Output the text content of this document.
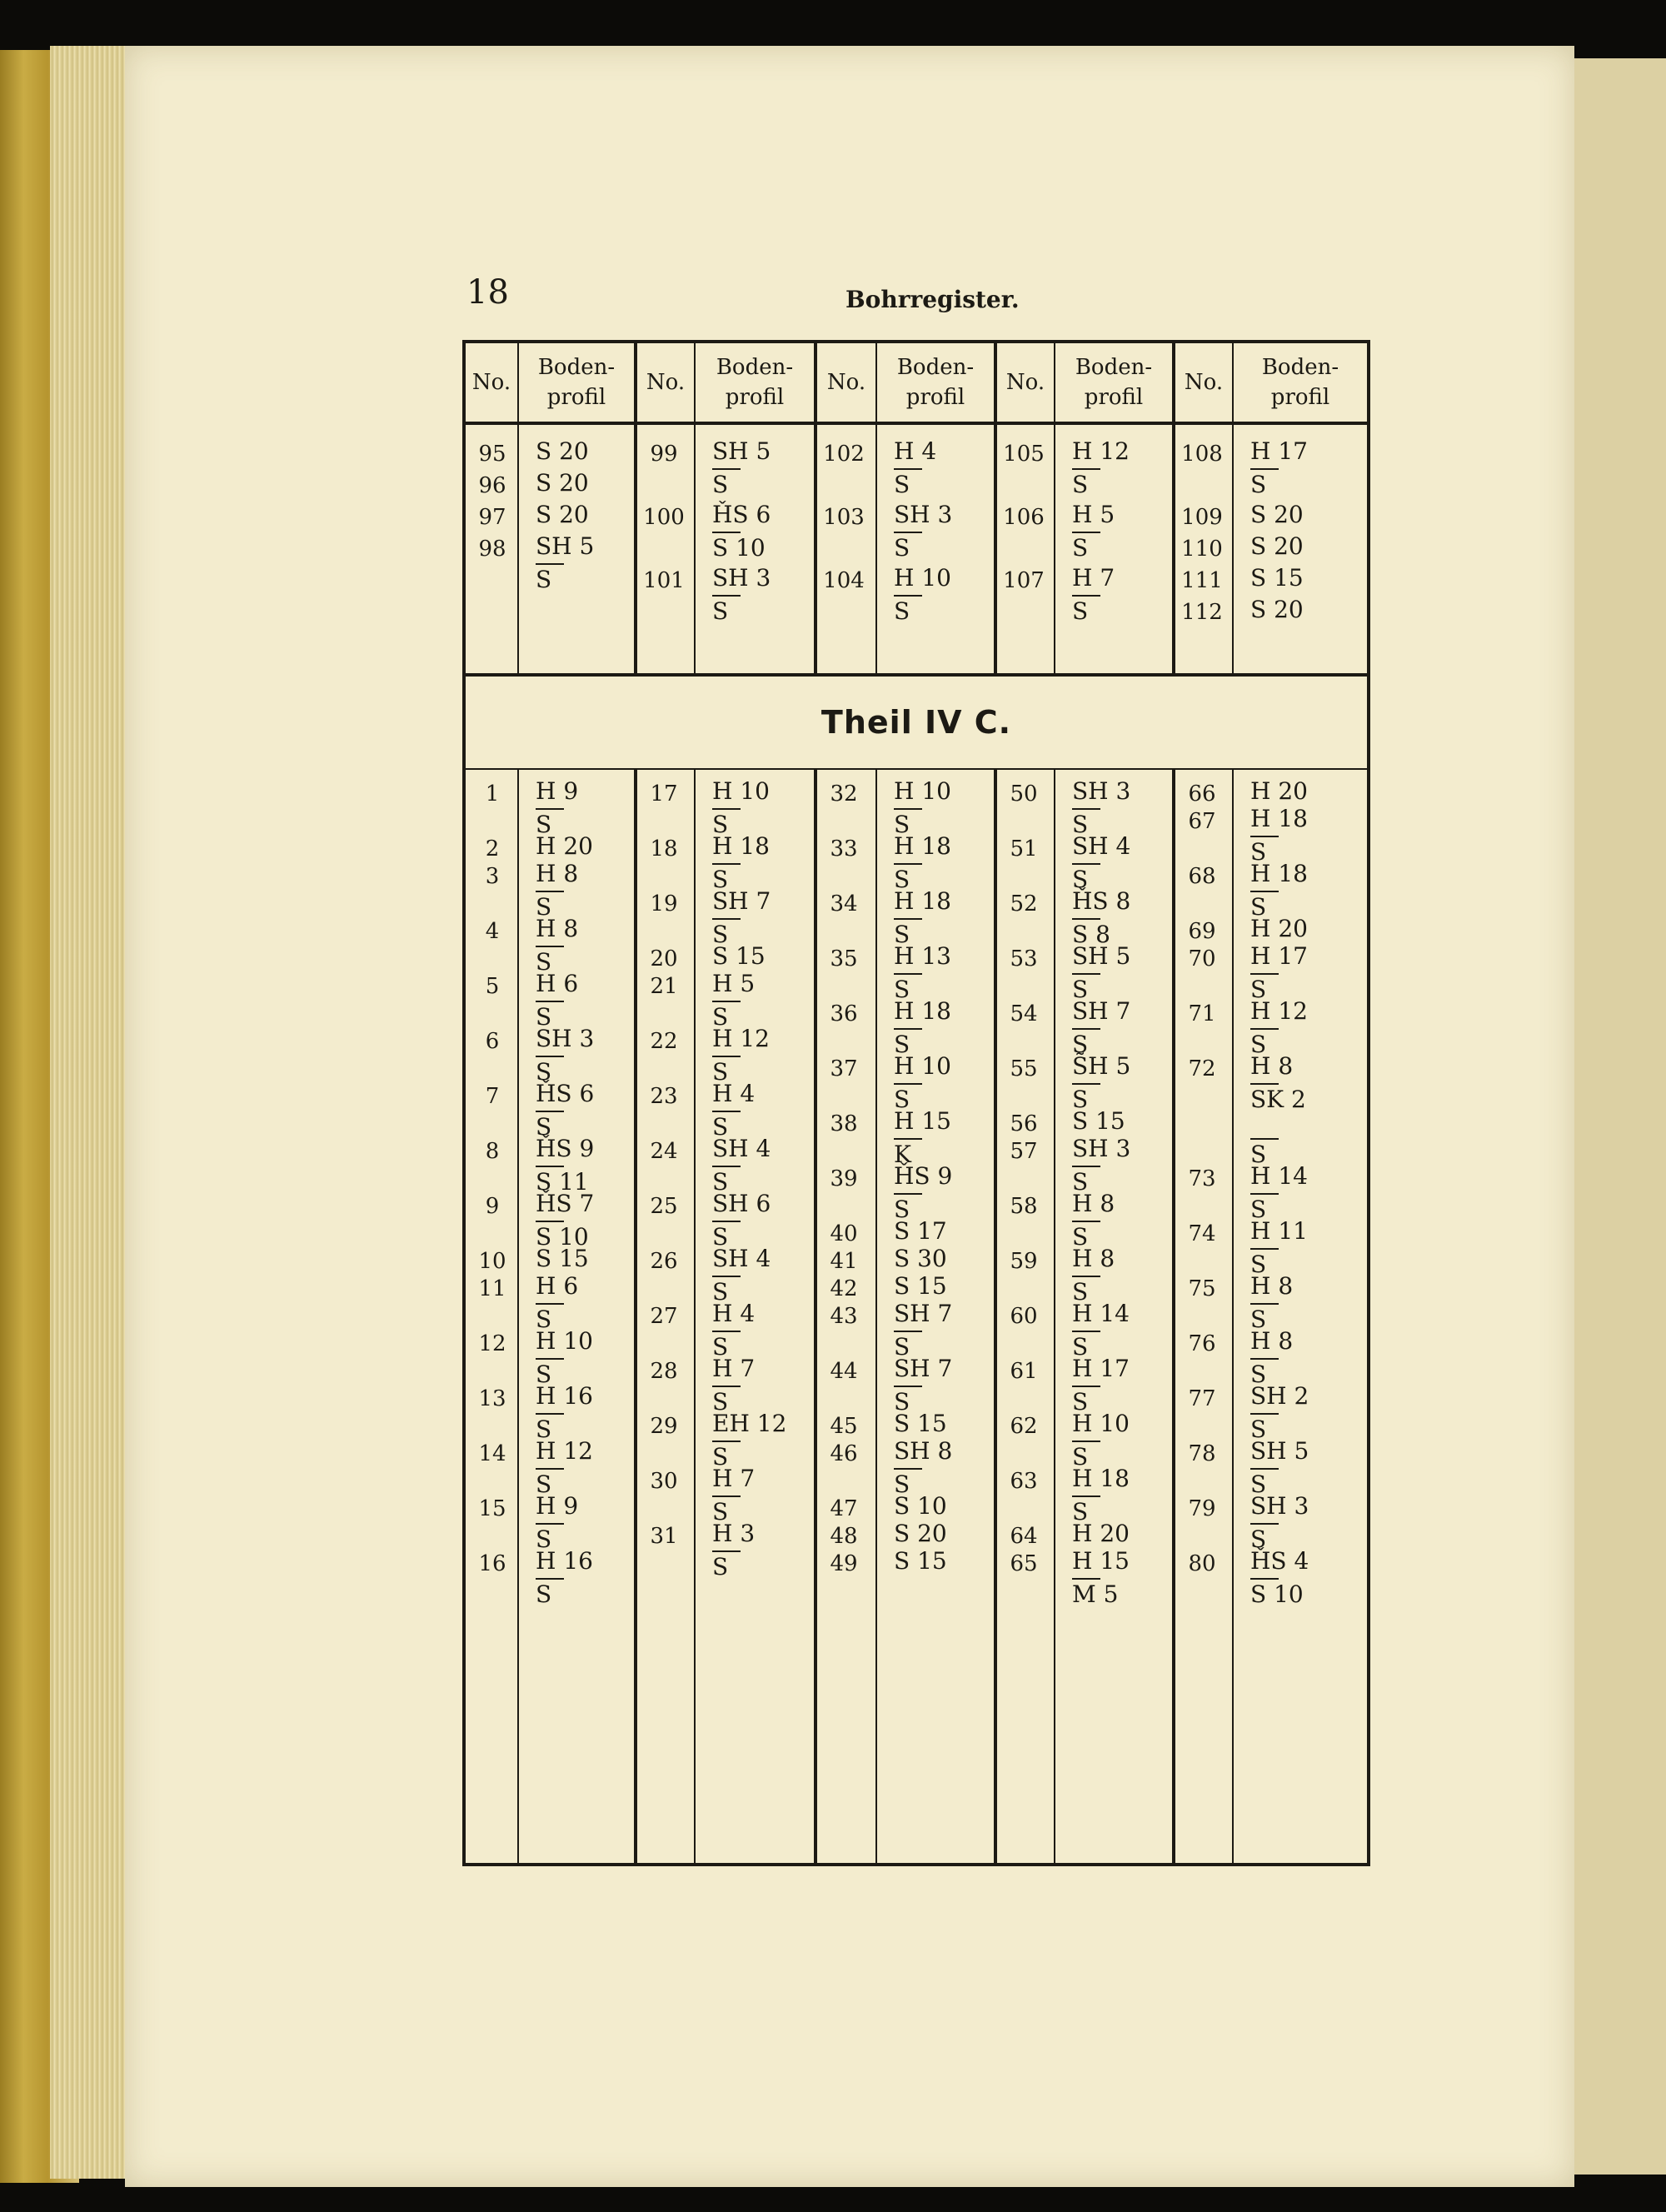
18	Bohrregister.
No.
Boden-
profil
No.
Boden-
profil
No.
Boden-
profil
No.
Boden-
profil
No.
Boden-
profil
95
96
97
98
S 20
S 20
S 20
SH 5
S
99
100
101
SH 5
S
ȞS 6
S 10
SH 3
S
102
103
104
H 4
S
SH 3
S
H 10
S
105
106
107
H 12
S
H 5
S
H 7
S
108
109
110
111
112
H 17
S
S 20
S 20
S 15
S 20
Theil IV C.
1
2
3
4
5
6
7
8
9
10
11
12
13
14
15
16
H 9
S
H 20
H 8
S
H 8
S
H 6
S
SH 3
S
ȞS 6
S
ȞS 9
S 11
ȞS 7
S 10
S 15
H 6
S
H 10
S
H 16
S
H 12
S
H 9
S
H 16
S
17
18
19
20
21
22
23
24
25
26
27
28
29
30
31
H 10
S
H 18
S
SH 7
S
S 15
H 5
S
H 12
S
H 4
S
SH 4
S
SH 6
S
SH 4
S
H 4
S
H 7
S
EH 12
S
H 7
S
H 3
S
32
33
34
35
36
37
38
39
40
41
42
43
44
45
46
47
48
49
H 10
S
H 18
S
H 18
S
H 13
S
H 18
S
H 10
S
H 15
K
ȞS 9
S
S 17
S 30
S 15
SH 7
S
SH 7
S
S 15
SH 8
S
S 10
S 20
S 15
50
51
52
53
54
55
56
57
58
59
60
61
62
63
64
65
SH 3
S
SH 4
S
ȞS 8
S 8
SH 5
S
SH 7
S
S̃H 5
S
S 15
SH 3
S
H 8
S
H 8
S
H 14
S
H 17
S
H 10
S
H 18
S
H 20
H 15
M 5
66
67
68
69
70
71
72
73
74
75
76
77
78
79
80
H 20
H 18
S
H 18
S
H 20
H 17
S
H 12
S
H 8
SK 2
S
H 14
S
H 11
S
H 8
S
H 8
S
SH 2
S
SH 5
S
SH 3
S
ȞS 4
S 10
